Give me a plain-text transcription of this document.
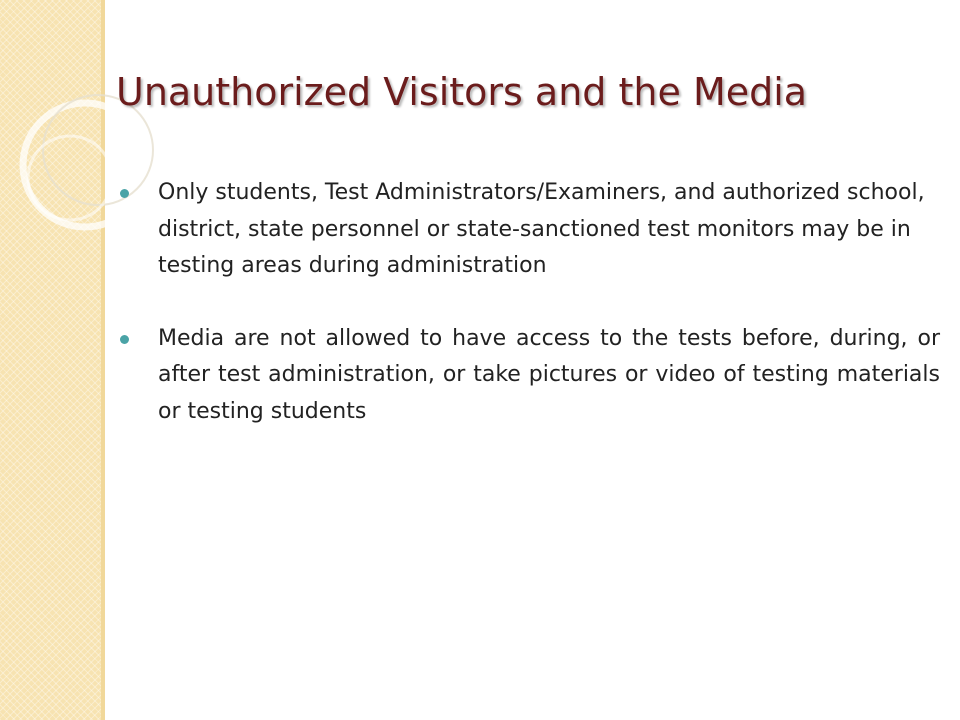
Unauthorized Visitors and the Media
Only students, Test Administrators/Examiners, and authorized school, district, state personnel or state-sanctioned test monitors may be in testing areas during administration
Media are not allowed to have access to the tests before, during, or after test administration, or take pictures or video of testing materials or testing students
